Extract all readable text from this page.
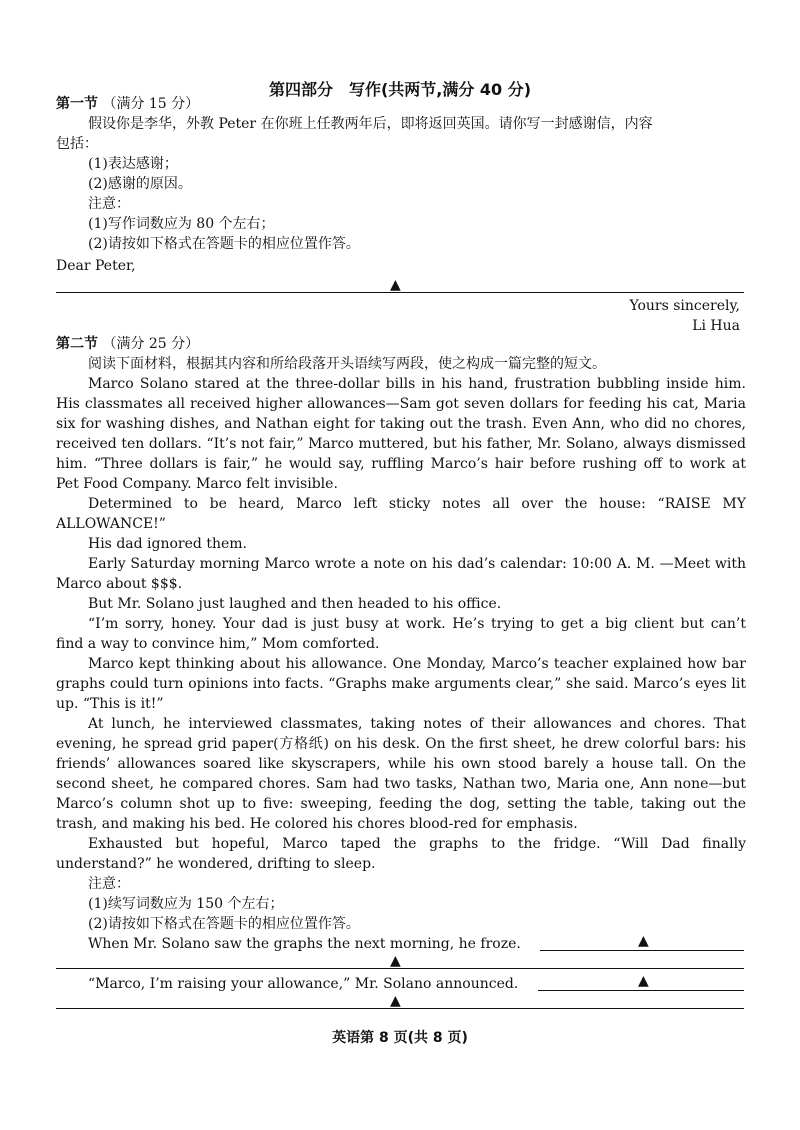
第四部分　写作(共两节,满分 40 分)
第一节 （满分 15 分）
假设你是李华，外教 Peter 在你班上任教两年后，即将返回英国。请你写一封感谢信，内容
包括：
(1)表达感谢；
(2)感谢的原因。
注意：
(1)写作词数应为 80 个左右；
(2)请按如下格式在答题卡的相应位置作答。
Dear Peter,
▲
Yours sincerely,
Li Hua
第二节 （满分 25 分）
阅读下面材料，根据其内容和所给段落开头语续写两段，使之构成一篇完整的短文。
Marco Solano stared at the three-dollar bills in his hand, frustration bubbling inside him.
His classmates all received higher allowances—Sam got seven dollars for feeding his cat, Maria
six for washing dishes, and Nathan eight for taking out the trash. Even Ann, who did no chores,
received ten dollars. “It’s not fair,” Marco muttered, but his father, Mr. Solano, always dismissed
him. “Three dollars is fair,” he would say, ruffling Marco’s hair before rushing off to work at
Pet Food Company. Marco felt invisible.
Determined to be heard, Marco left sticky notes all over the house: “RAISE MY
ALLOWANCE!”
His dad ignored them.
Early Saturday morning Marco wrote a note on his dad’s calendar: 10:00 A. M. —Meet with
Marco about $$$.
But Mr. Solano just laughed and then headed to his office.
“I’m sorry, honey. Your dad is just busy at work. He’s trying to get a big client but can’t
find a way to convince him,” Mom comforted.
Marco kept thinking about his allowance. One Monday, Marco’s teacher explained how bar
graphs could turn opinions into facts. “Graphs make arguments clear,” she said. Marco’s eyes lit
up. “This is it!”
At lunch, he interviewed classmates, taking notes of their allowances and chores. That
evening, he spread grid paper(方格纸) on his desk. On the first sheet, he drew colorful bars: his
friends’ allowances soared like skyscrapers, while his own stood barely a house tall. On the
second sheet, he compared chores. Sam had two tasks, Nathan two, Maria one, Ann none—but
Marco’s column shot up to five: sweeping, feeding the dog, setting the table, taking out the
trash, and making his bed. He colored his chores blood-red for emphasis.
Exhausted but hopeful, Marco taped the graphs to the fridge. “Will Dad finally
understand?” he wondered, drifting to sleep.
注意：
(1)续写词数应为 150 个左右；
(2)请按如下格式在答题卡的相应位置作答。
When Mr. Solano saw the graphs the next morning, he froze.	▲
▲
“Marco, I’m raising your allowance,” Mr. Solano announced.	▲
▲
英语第 8 页(共 8 页)
